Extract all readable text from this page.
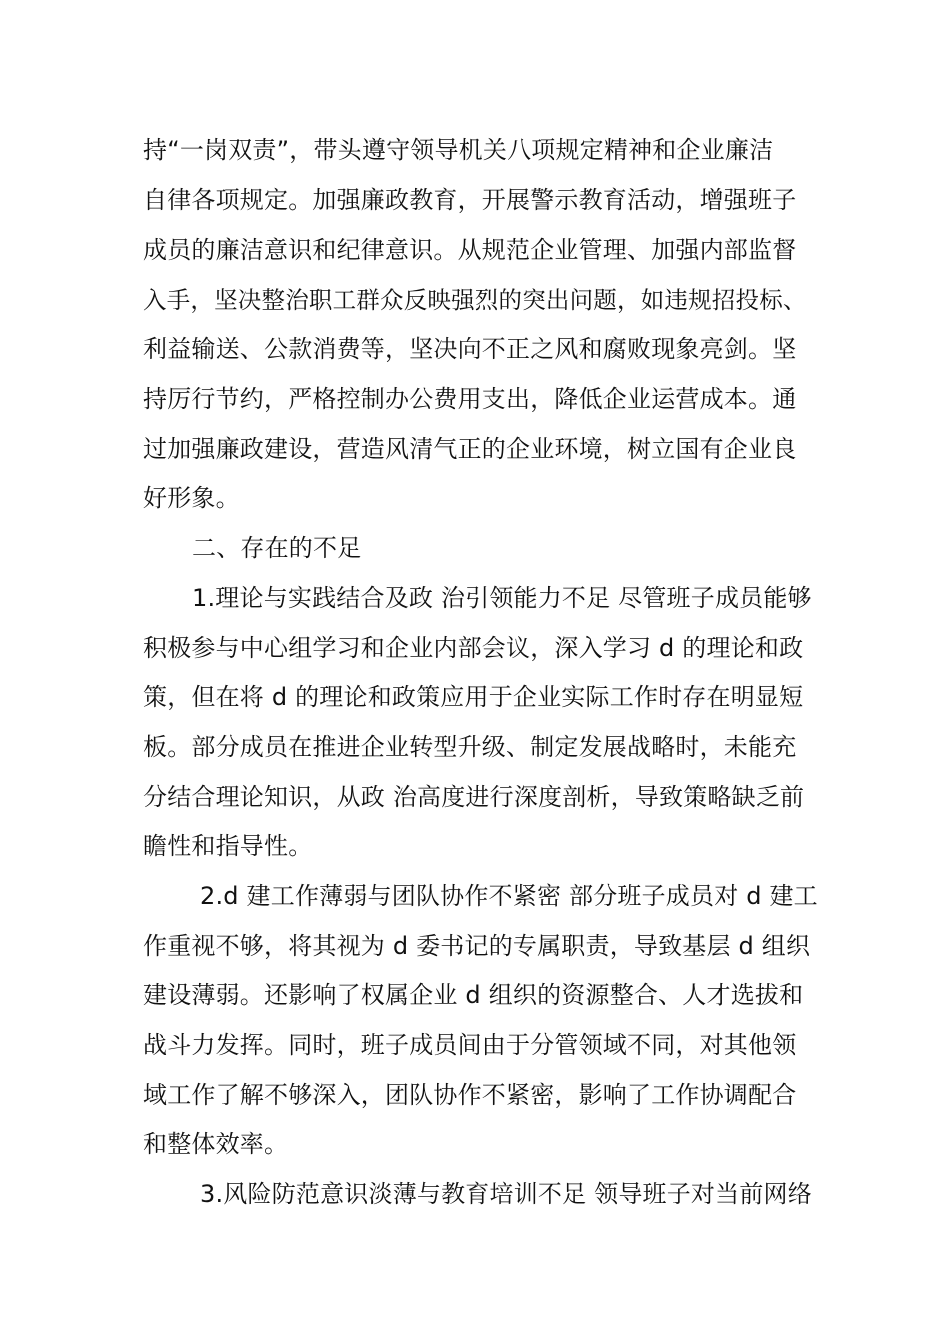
持“一岗双责”，带头遵守领导机关八项规定精神和企业廉洁
自律各项规定。加强廉政教育，开展警示教育活动，增强班子
成员的廉洁意识和纪律意识。从规范企业管理、加强内部监督
入手，坚决整治职工群众反映强烈的突出问题，如违规招投标、
利益输送、公款消费等，坚决向不正之风和腐败现象亮剑。坚
持厉行节约，严格控制办公费用支出，降低企业运营成本。通
过加强廉政建设，营造风清气正的企业环境，树立国有企业良
好形象。
二、存在的不足
1.理论与实践结合及政 治引领能力不足 尽管班子成员能够
积极参与中心组学习和企业内部会议，深入学习 d 的理论和政
策，但在将 d 的理论和政策应用于企业实际工作时存在明显短
板。部分成员在推进企业转型升级、制定发展战略时，未能充
分结合理论知识，从政 治高度进行深度剖析，导致策略缺乏前
瞻性和指导性。
2.d 建工作薄弱与团队协作不紧密 部分班子成员对 d 建工
作重视不够，将其视为 d 委书记的专属职责，导致基层 d 组织
建设薄弱。还影响了权属企业 d 组织的资源整合、人才选拔和
战斗力发挥。同时，班子成员间由于分管领域不同，对其他领
域工作了解不够深入，团队协作不紧密，影响了工作协调配合
和整体效率。
3.风险防范意识淡薄与教育培训不足 领导班子对当前网络
